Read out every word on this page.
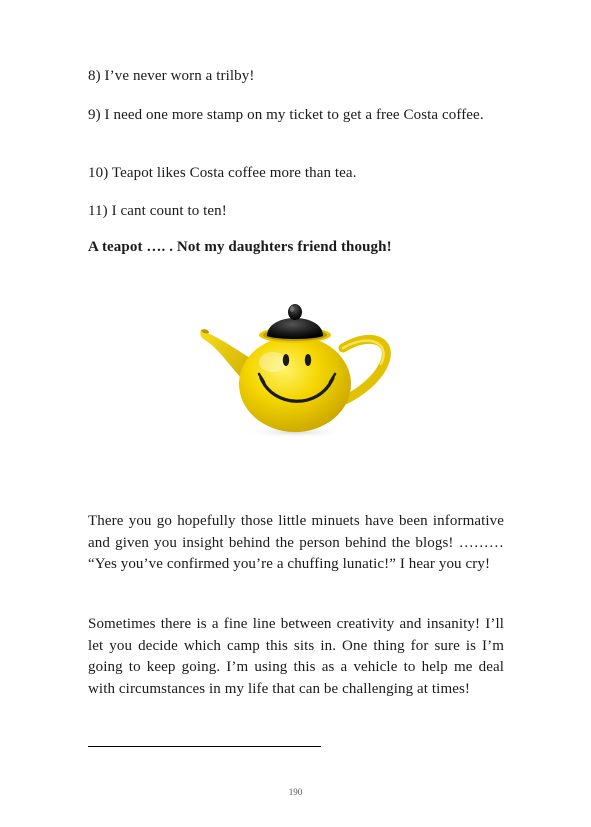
8) I’ve never worn a trilby!

9) I need one more stamp on my ticket to get a free Costa coffee.

10) Teapot likes Costa coffee more than tea.

11) I cant count to ten!

A teapot …. . Not my daughters friend though!

There you go hopefully those little minuets have been informative and given you insight behind the person behind the blogs! ……… “Yes you’ve confirmed you’re a chuffing lunatic!” I hear you cry!

Sometimes there is a fine line between creativity and insanity! I’ll let you decide which camp this sits in. One thing for sure is I’m going to keep going. I’m using this as a vehicle to help me deal with circumstances in my life that can be challenging at times!

190
